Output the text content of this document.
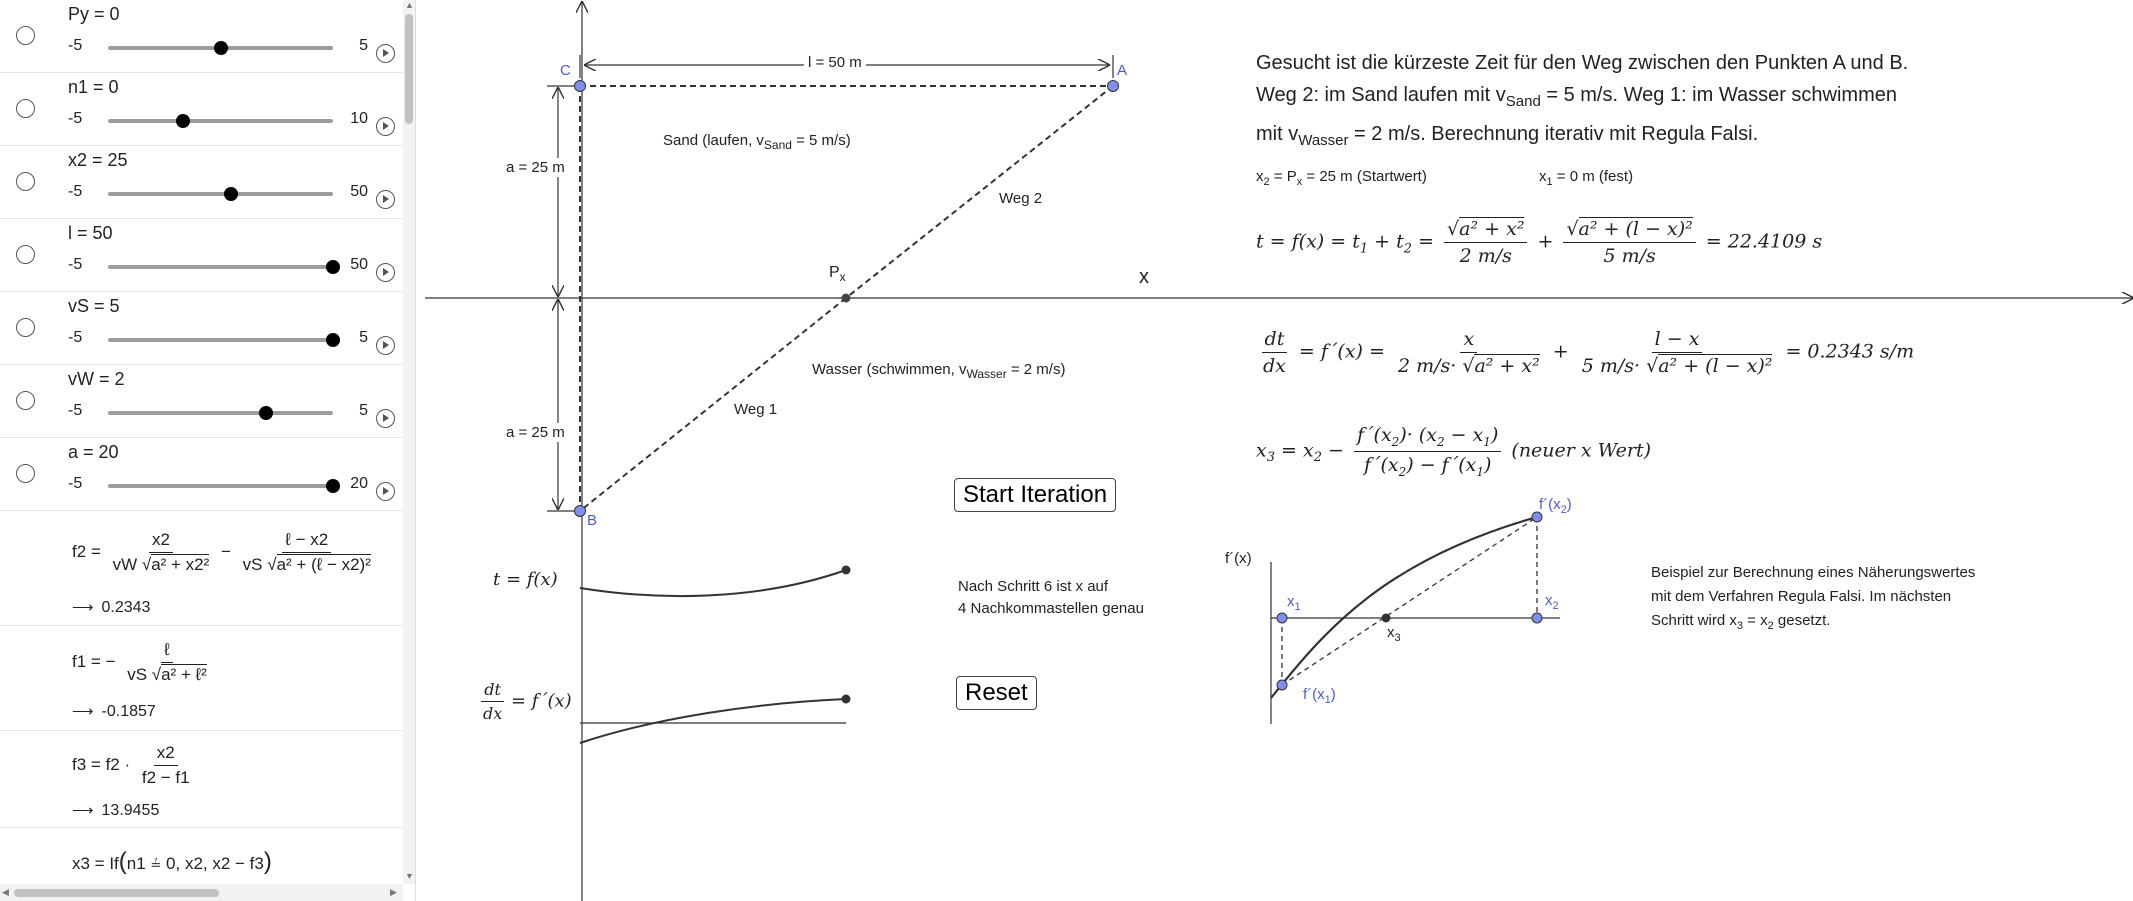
Py = 0
-5	5
n1 = 0
-5	10
x2 = 25
-5	50
l = 50
-5	50
vS = 5
-5	5
vW = 2
-5	5
a = 20
-5	20
$f2 = \frac{x2}{\text{vW √a² + x2²}} - \frac{\text{ℓ − x2}}{\text{vS √a² + (ℓ − x2)²}}$
⟶ 0.2343
f1 = − $\frac{\text{ℓ}}{\text{vS √a² + ℓ²}}$
⟶ -0.1857
$f3 = f2 \cdot \frac{x2}{f2 - f1}$
⟶ 13.9455
x3 = If(n1 ≟ 0, x2, x2 − f3)
▲
▼
◀	▶
C	A
B
$P_x$	x
l = 50 m
a = 25 m
a = 25 m
Sand (laufen, $v_{Sand} = 5$ m/s)
Weg 2
Wasser (schwimmen, $v_{Wasser} = 2$ m/s)
Weg 1
Start Iteration
Reset
Nach Schritt 6 ist x auf
4 Nachkommastellen genau
t = f(x)
$\frac{dt}{dx}$ = f´(x)
Gesucht ist die kürzeste Zeit für den Weg zwischen den Punkten A und B.
Weg 2: im Sand laufen mit $v_{Sand} = 5$ m/s. Weg 1: im Wasser schwimmen
mit $v_{Wasser} = 2$ m/s. Berechnung iterativ mit Regula Falsi.
$x_2 = P_x = 25$ m (Startwert)	$x_1 = 0$ m (fest)
$t = f(x) = t_1 + t_2 = \frac{\text{√a² + x²}}{2 m/s} + \frac{\text{√a² + (l − x)²}}{5 m/s} = 22.4109$ s
$\frac{dt}{dx}$ = f´(x) = $\frac{x}{\text{2 m/s· √a² + x²}} + \frac{l - x}{\text{5 m/s· √a² + (l − x)²}} = 0.2343$ s/m
$x_3 = x_2 - \frac{f´(x_2)\cdot (x_2 - x_1)}{f´(x_2) - f´(x_1)}$ (neuer x Wert)
f´(x)
$x_1$	$x_2$
$x_3$
$f´(x_1)$
$f´(x_2)$
Beispiel zur Berechnung eines Näherungswertes
mit dem Verfahren Regula Falsi. Im nächsten
Schritt wird $x_3 = x_2$ gesetzt.
